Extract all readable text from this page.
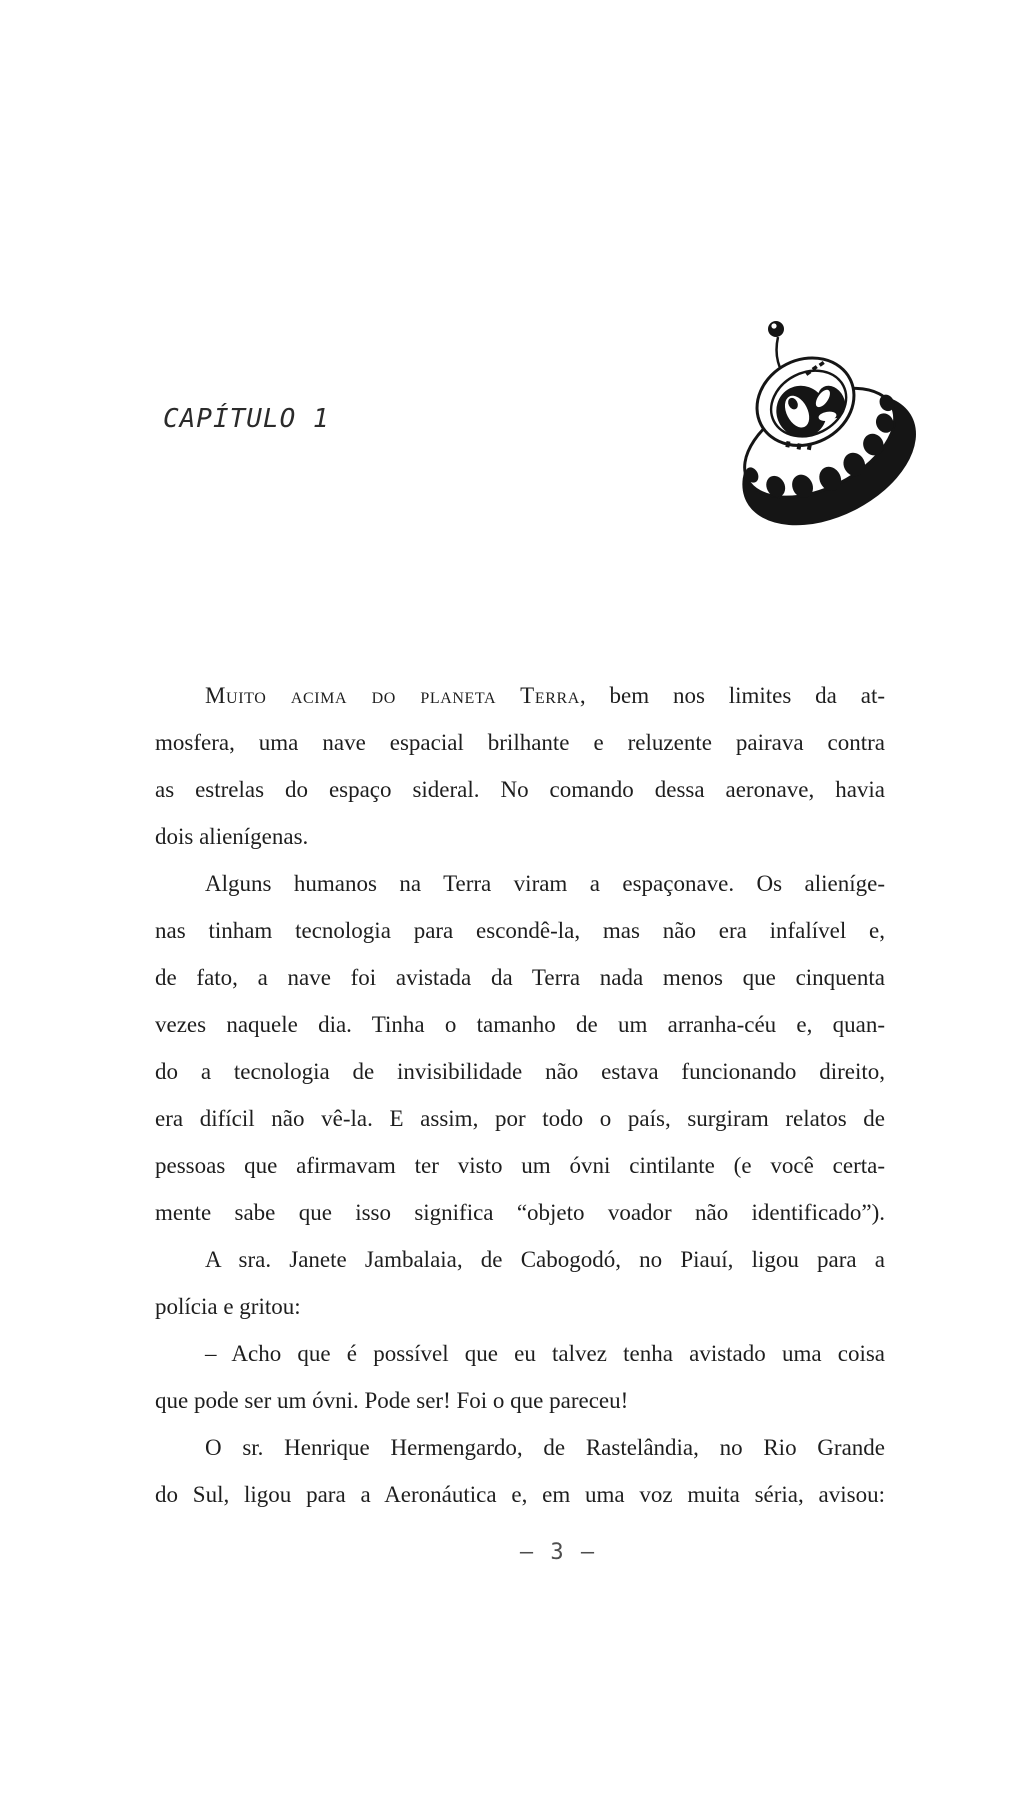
CAPÍTULO 1
Muito acima do planeta Terra, bem nos limites da at-
mosfera, uma nave espacial brilhante e reluzente pairava contra
as estrelas do espaço sideral. No comando dessa aeronave, havia
dois alienígenas.
Alguns humanos na Terra viram a espaçonave. Os alieníge-
nas tinham tecnologia para escondê-la, mas não era infalível e,
de fato, a nave foi avistada da Terra nada menos que cinquenta
vezes naquele dia. Tinha o tamanho de um arranha-céu e, quan-
do a tecnologia de invisibilidade não estava funcionando direito,
era difícil não vê-la. E assim, por todo o país, surgiram relatos de
pessoas que afirmavam ter visto um óvni cintilante (e você certa-
mente sabe que isso significa “objeto voador não identificado”).
A sra. Janete Jambalaia, de Cabogodó, no Piauí, ligou para a
polícia e gritou:
– Acho que é possível que eu talvez tenha avistado uma coisa
que pode ser um óvni. Pode ser! Foi o que pareceu!
O sr. Henrique Hermengardo, de Rastelândia, no Rio Grande
do Sul, ligou para a Aeronáutica e, em uma voz muita séria, avisou:
— 3 —
